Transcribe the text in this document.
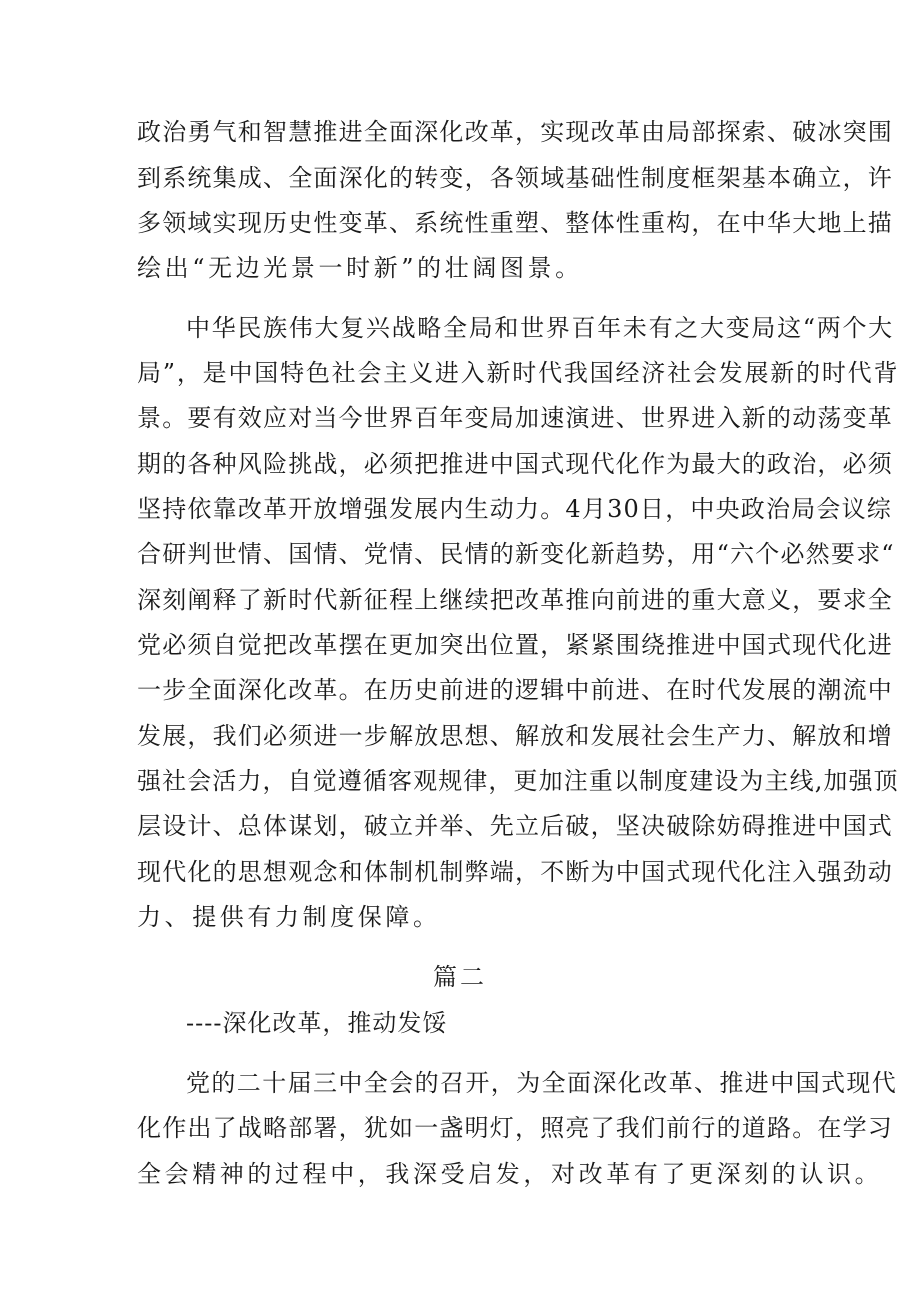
政治勇气和智慧推进全面深化改革，实现改革由局部探索、破冰突围
到系统集成、全面深化的转变，各领域基础性制度框架基本确立，许
多领域实现历史性变革、系统性重塑、整体性重构，在中华大地上描
绘出“无边光景一时新”的壮阔图景。
中华民族伟大复兴战略全局和世界百年未有之大变局这“两个大
局”，是中国特色社会主义进入新时代我国经济社会发展新的时代背
景。要有效应对当今世界百年变局加速演进、世界进入新的动荡变革
期的各种风险挑战，必须把推进中国式现代化作为最大的政治，必须
坚持依靠改革开放增强发展内生动力。4月30日，中央政治局会议综
合研判世情、国情、党情、民情的新变化新趋势，用“六个必然要求“
深刻阐释了新时代新征程上继续把改革推向前进的重大意义，要求全
党必须自觉把改革摆在更加突出位置，紧紧围绕推进中国式现代化进
一步全面深化改革。在历史前进的逻辑中前进、在时代发展的潮流中
发展，我们必须进一步解放思想、解放和发展社会生产力、解放和增
强社会活力，自觉遵循客观规律，更加注重以制度建设为主线,加强顶
层设计、总体谋划，破立并举、先立后破，坚决破除妨碍推进中国式
现代化的思想观念和体制机制弊端，不断为中国式现代化注入强劲动
力、提供有力制度保障。
篇二
----深化改革，推动发馁
党的二十届三中全会的召开，为全面深化改革、推进中国式现代
化作出了战略部署，犹如一盏明灯，照亮了我们前行的道路。在学习
全会精神的过程中，我深受启发，对改革有了更深刻的认识。
